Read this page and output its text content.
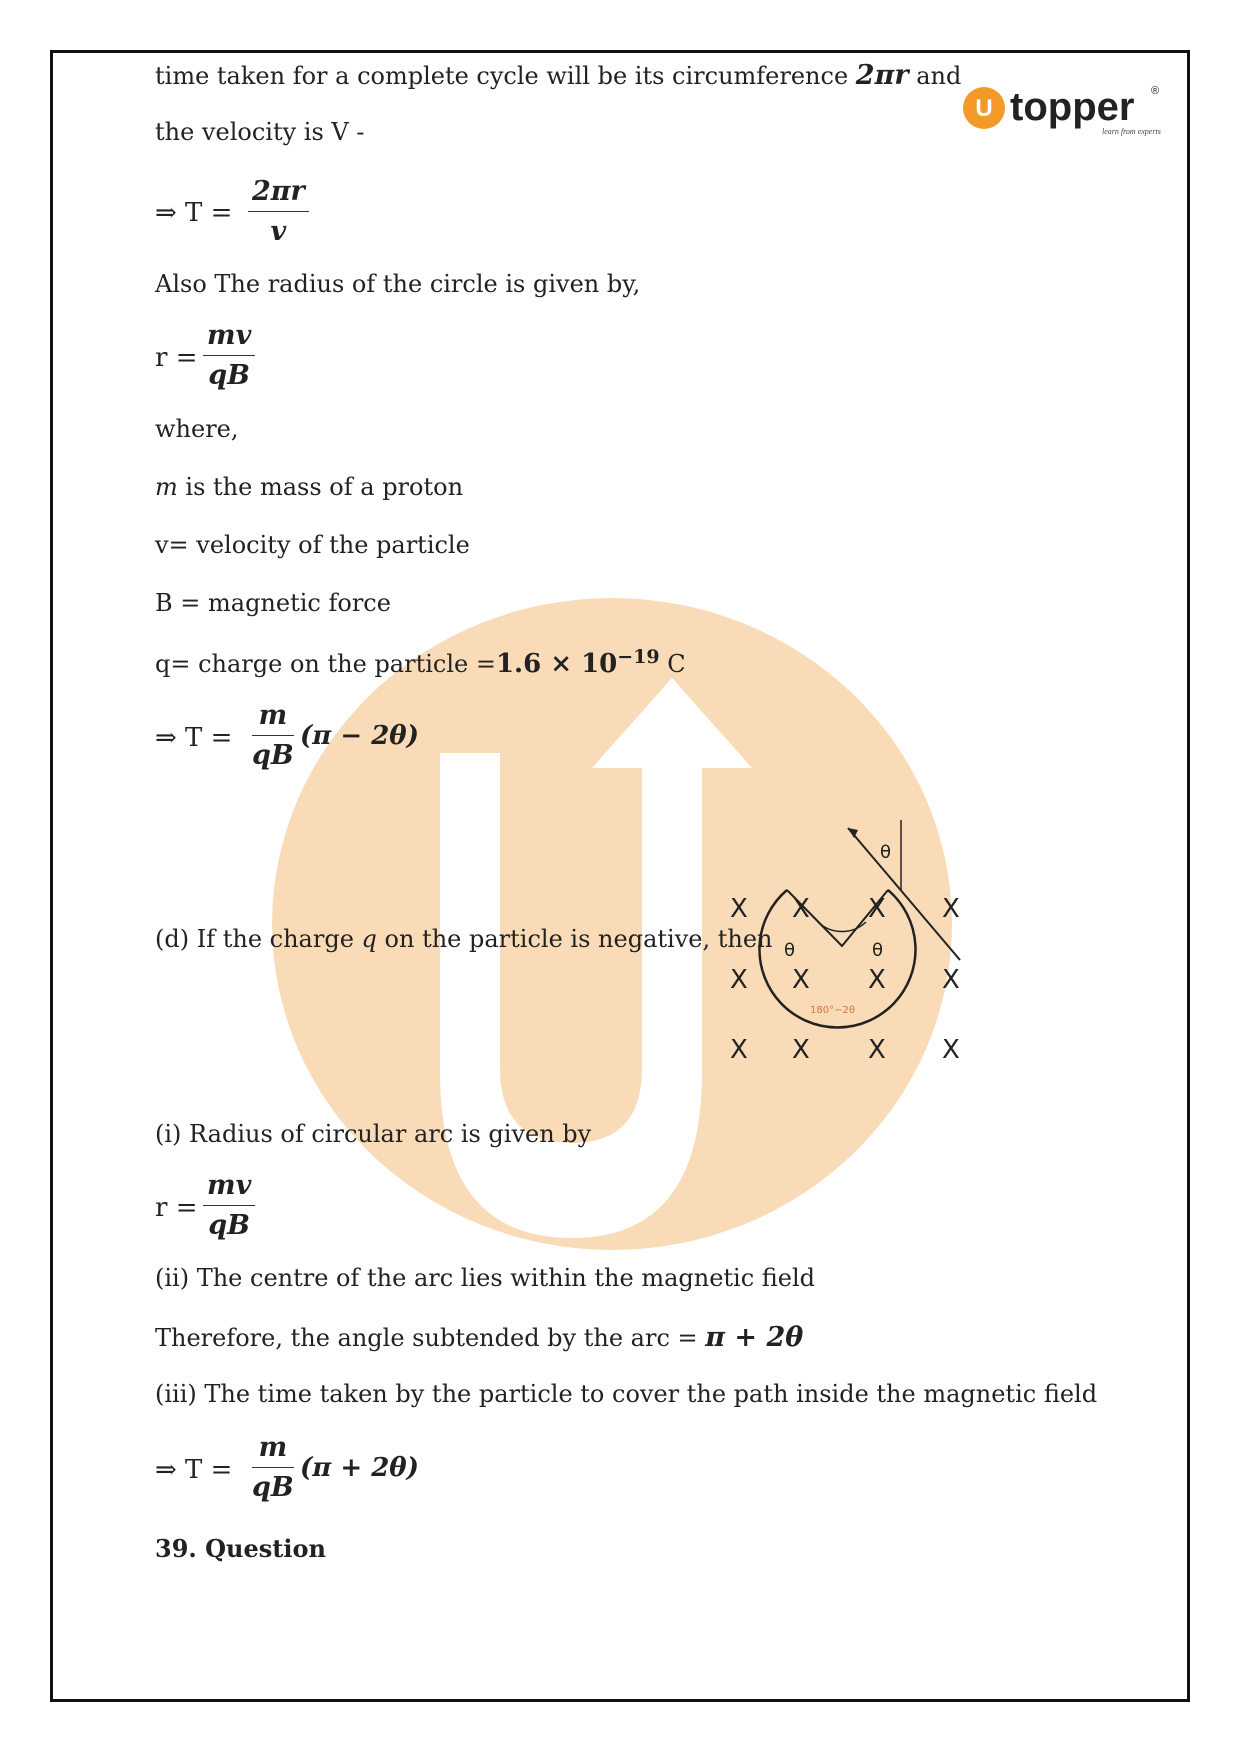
U topper ®
learn from experts
time taken for a complete cycle will be its circumference 2πr and
the velocity is V -
⇒ $T = \frac{2\pi r}{v}$
Also The radius of the circle is given by,
$r = \frac{mv}{qB}$
where,
m is the mass of a proton
v= velocity of the particle
B = magnetic force
q= charge on the particle $=1.6 \times 10^{-19}$ C
⇒ $T = \frac{m}{qB} (\pi - 2\theta)$
(d) If the charge q on the particle is negative, then
X X X X
X X X X
X X X X
θ
θ	θ
180°−2θ
(i) Radius of circular arc is given by
$r = \frac{mv}{qB}$
(ii) The centre of the arc lies within the magnetic field
Therefore, the angle subtended by the arc = π + 2θ
(iii) The time taken by the particle to cover the path inside the magnetic field
⇒ $T = \frac{m}{qB} (\pi + 2\theta)$
39. Question
